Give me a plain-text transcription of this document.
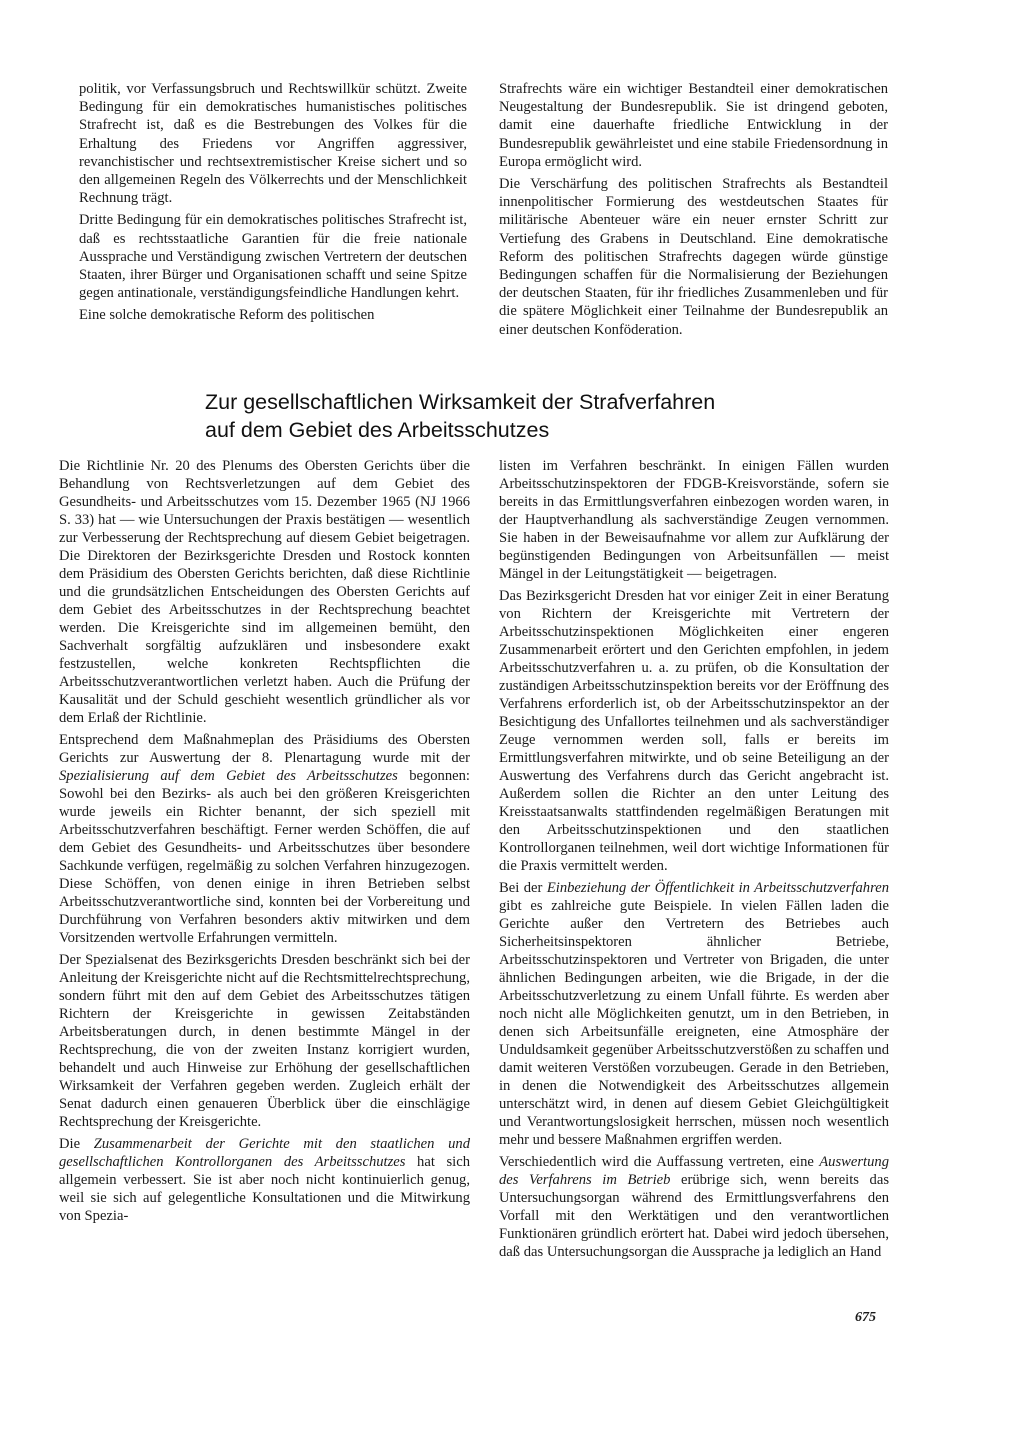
politik, vor Verfassungsbruch und Rechtswillkür schützt. Zweite Bedingung für ein demokratisches humanistisches politisches Strafrecht ist, daß es die Bestrebungen des Volkes für die Erhaltung des Friedens vor Angriffen aggressiver, revanchistischer und rechtsextremistischer Kreise sichert und so den allgemeinen Regeln des Völkerrechts und der Menschlichkeit Rechnung trägt.

Dritte Bedingung für ein demokratisches politisches Strafrecht ist, daß es rechtsstaatliche Garantien für die freie nationale Aussprache und Verständigung zwischen Vertretern der deutschen Staaten, ihrer Bürger und Organisationen schafft und seine Spitze gegen antinationale, verständigungsfeindliche Handlungen kehrt.

Eine solche demokratische Reform des politischen

Strafrechts wäre ein wichtiger Bestandteil einer demokratischen Neugestaltung der Bundesrepublik. Sie ist dringend geboten, damit eine dauerhafte friedliche Entwicklung in der Bundesrepublik gewährleistet und eine stabile Friedensordnung in Europa ermöglicht wird.

Die Verschärfung des politischen Strafrechts als Bestandteil innenpolitischer Formierung des westdeutschen Staates für militärische Abenteuer wäre ein neuer ernster Schritt zur Vertiefung des Grabens in Deutschland. Eine demokratische Reform des politischen Strafrechts dagegen würde günstige Bedingungen schaffen für die Normalisierung der Beziehungen der deutschen Staaten, für ihr friedliches Zusammenleben und für die spätere Möglichkeit einer Teilnahme der Bundesrepublik an einer deutschen Konföderation.

Zur gesellschaftlichen Wirksamkeit der Strafverfahren
auf dem Gebiet des Arbeitsschutzes

Die Richtlinie Nr. 20 des Plenums des Obersten Gerichts über die Behandlung von Rechtsverletzungen auf dem Gebiet des Gesundheits- und Arbeitsschutzes vom 15. Dezember 1965 (NJ 1966 S. 33) hat — wie Untersuchungen der Praxis bestätigen — wesentlich zur Verbesserung der Rechtsprechung auf diesem Gebiet beigetragen. Die Direktoren der Bezirksgerichte Dresden und Rostock konnten dem Präsidium des Obersten Gerichts berichten, daß diese Richtlinie und die grundsätzlichen Entscheidungen des Obersten Gerichts auf dem Gebiet des Arbeitsschutzes in der Rechtsprechung beachtet werden. Die Kreisgerichte sind im allgemeinen bemüht, den Sachverhalt sorgfältig aufzuklären und insbesondere exakt festzustellen, welche konkreten Rechtspflichten die Arbeitsschutzverantwortlichen verletzt haben. Auch die Prüfung der Kausalität und der Schuld geschieht wesentlich gründlicher als vor dem Erlaß der Richtlinie.

Entsprechend dem Maßnahmeplan des Präsidiums des Obersten Gerichts zur Auswertung der 8. Plenartagung wurde mit der Spezialisierung auf dem Gebiet des Arbeitsschutzes begonnen: Sowohl bei den Bezirks- als auch bei den größeren Kreisgerichten wurde jeweils ein Richter benannt, der sich speziell mit Arbeitsschutzverfahren beschäftigt. Ferner werden Schöffen, die auf dem Gebiet des Gesundheits- und Arbeitsschutzes über besondere Sachkunde verfügen, regelmäßig zu solchen Verfahren hinzugezogen. Diese Schöffen, von denen einige in ihren Betrieben selbst Arbeitsschutzverantwortliche sind, konnten bei der Vorbereitung und Durchführung von Verfahren besonders aktiv mitwirken und dem Vorsitzenden wertvolle Erfahrungen vermitteln.

Der Spezialsenat des Bezirksgerichts Dresden beschränkt sich bei der Anleitung der Kreisgerichte nicht auf die Rechtsmittelrechtsprechung, sondern führt mit den auf dem Gebiet des Arbeitsschutzes tätigen Richtern der Kreisgerichte in gewissen Zeitabständen Arbeitsberatungen durch, in denen bestimmte Mängel in der Rechtsprechung, die von der zweiten Instanz korrigiert wurden, behandelt und auch Hinweise zur Erhöhung der gesellschaftlichen Wirksamkeit der Verfahren gegeben werden. Zugleich erhält der Senat dadurch einen genaueren Überblick über die einschlägige Rechtsprechung der Kreisgerichte.

Die Zusammenarbeit der Gerichte mit den staatlichen und gesellschaftlichen Kontrollorganen des Arbeitsschutzes hat sich allgemein verbessert. Sie ist aber noch nicht kontinuierlich genug, weil sie sich auf gelegentliche Konsultationen und die Mitwirkung von Spezia-

listen im Verfahren beschränkt. In einigen Fällen wurden Arbeitsschutzinspektoren der FDGB-Kreisvorstände, sofern sie bereits in das Ermittlungsverfahren einbezogen worden waren, in der Hauptverhandlung als sachverständige Zeugen vernommen. Sie haben in der Beweisaufnahme vor allem zur Aufklärung der begünstigenden Bedingungen von Arbeitsunfällen — meist Mängel in der Leitungstätigkeit — beigetragen.

Das Bezirksgericht Dresden hat vor einiger Zeit in einer Beratung von Richtern der Kreisgerichte mit Vertretern der Arbeitsschutzinspektionen Möglichkeiten einer engeren Zusammenarbeit erörtert und den Gerichten empfohlen, in jedem Arbeitsschutzverfahren u. a. zu prüfen, ob die Konsultation der zuständigen Arbeitsschutzinspektion bereits vor der Eröffnung des Verfahrens erforderlich ist, ob der Arbeitsschutzinspektor an der Besichtigung des Unfallortes teilnehmen und als sachverständiger Zeuge vernommen werden soll, falls er bereits im Ermittlungsverfahren mitwirkte, und ob seine Beteiligung an der Auswertung des Verfahrens durch das Gericht angebracht ist. Außerdem sollen die Richter an den unter Leitung des Kreisstaatsanwalts stattfindenden regelmäßigen Beratungen mit den Arbeitsschutzinspektionen und den staatlichen Kontrollorganen teilnehmen, weil dort wichtige Informationen für die Praxis vermittelt werden.

Bei der Einbeziehung der Öffentlichkeit in Arbeitsschutzverfahren gibt es zahlreiche gute Beispiele. In vielen Fällen laden die Gerichte außer den Vertretern des Betriebes auch Sicherheitsinspektoren ähnlicher Betriebe, Arbeitsschutzinspektoren und Vertreter von Brigaden, die unter ähnlichen Bedingungen arbeiten, wie die Brigade, in der die Arbeitsschutzverletzung zu einem Unfall führte. Es werden aber noch nicht alle Möglichkeiten genutzt, um in den Betrieben, in denen sich Arbeitsunfälle ereigneten, eine Atmosphäre der Unduldsamkeit gegenüber Arbeitsschutzverstößen zu schaffen und damit weiteren Verstößen vorzubeugen. Gerade in den Betrieben, in denen die Notwendigkeit des Arbeitsschutzes allgemein unterschätzt wird, in denen auf diesem Gebiet Gleichgültigkeit und Verantwortungslosigkeit herrschen, müssen noch wesentlich mehr und bessere Maßnahmen ergriffen werden.

Verschiedentlich wird die Auffassung vertreten, eine Auswertung des Verfahrens im Betrieb erübrige sich, wenn bereits das Untersuchungsorgan während des Ermittlungsverfahrens den Vorfall mit den Werktätigen und den verantwortlichen Funktionären gründlich erörtert hat. Dabei wird jedoch übersehen, daß das Untersuchungsorgan die Aussprache ja lediglich an Hand

675
